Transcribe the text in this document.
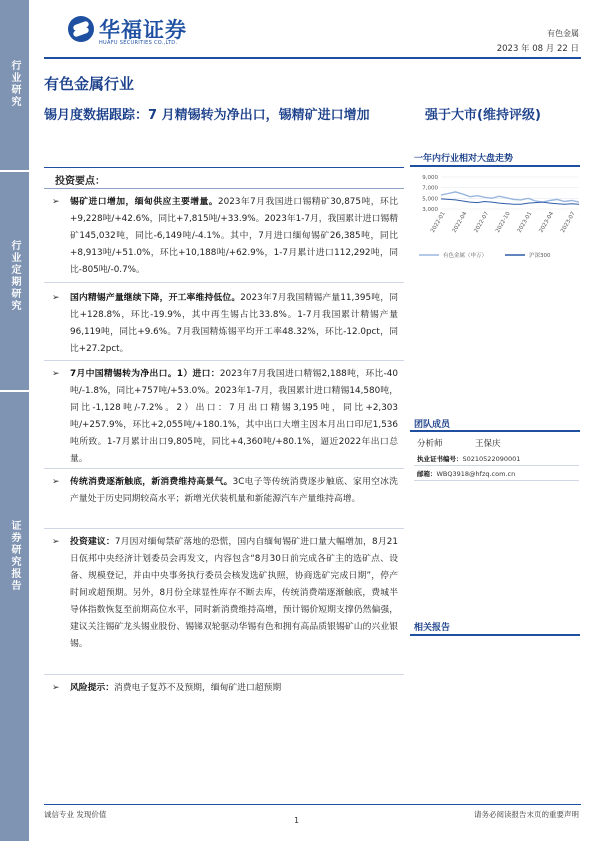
行业研究
行业定期研究
证券研究报告
华福证券
HUAFU SECURITIES CO.,LTD.
有色金属
2023 年 08 月 22 日
有色金属行业
锡月度数据跟踪：7 月精锡转为净出口，锡精矿进口增加	强于大市(维持评级)
投资要点：
➢	锡矿进口增加，缅甸供应主要增量。2023年7月我国进口锡精矿30,875吨，环比+9,228吨/+42.6%，同比+7,815吨/+33.9%。2023年1-7月，我国累计进口锡精矿145,032吨，同比-6,149吨/-4.1%。其中，7月进口缅甸锡矿26,385吨，同比+8,913吨/+51.0%，环比+10,188吨/+62.9%，1-7月累计进口112,292吨，同比-805吨/-0.7%。
➢	国内精锡产量继续下降，开工率维持低位。2023年7月我国精锡产量11,395吨，同比+128.8%，环比-19.9%，其中再生锡占比33.8%。1-7月我国累计精锡产量96,119吨，同比+9.6%。7月我国精炼锡平均开工率48.32%，环比-12.0pct，同比+27.2pct。
➢	7月中国精锡转为净出口。1）进口：2023年7月我国进口精锡2,188吨，环比-40吨/-1.8%，同比+757吨/+53.0%。2023年1-7月，我国累计进口精锡14,580吨，同比-1,128吨/-7.2%。2）出口：7月出口精锡3,195吨，同比+2,303吨/+257.9%，环比+2,055吨/+180.1%，其中出口大增主因本月出口印尼1,536吨所致。1-7月累计出口9,805吨，同比+4,360吨/+80.1%，逼近2022年出口总量。
➢	传统消费逐渐触底，新消费维持高景气。3C电子等传统消费逐步触底、家用空冰洗产量处于历史同期较高水平；新增光伏装机量和新能源汽车产量维持高增。
➢	投资建议：7月因对缅甸禁矿落地的恐慌，国内自缅甸锡矿进口量大幅增加，8月21日佤邦中央经济计划委员会再发文，内容包含“8月30日前完成各矿主的选矿点、设备、规模登记，并由中央事务执行委员会核发选矿执照，协商选矿完成日期”，停产时间或超预期。另外，8月份全球显性库存不断去库，传统消费端逐渐触底，费城半导体指数恢复至前期高位水平，同时新消费维持高增，预计锡价短期支撑仍然偏强，建议关注锡矿龙头锡业股份、锡锑双轮驱动华锡有色和拥有高品质银锡矿山的兴业银锡。
➢	风险提示：消费电子复苏不及预期，缅甸矿进口超预期
一年内行业相对大盘走势
9,000
7,000
5,000
3,000
2022-01 2022-04 2022-07 2022-10 2023-01 2023-04 2023-07
有色金属（申万）	沪深300
团队成员
分析师	王保庆
执业证书编号：S0210522090001
邮箱：WBQ3918@hfzq.com.cn
相关报告
诚信专业 发现价值
1
请务必阅读报告末页的重要声明
